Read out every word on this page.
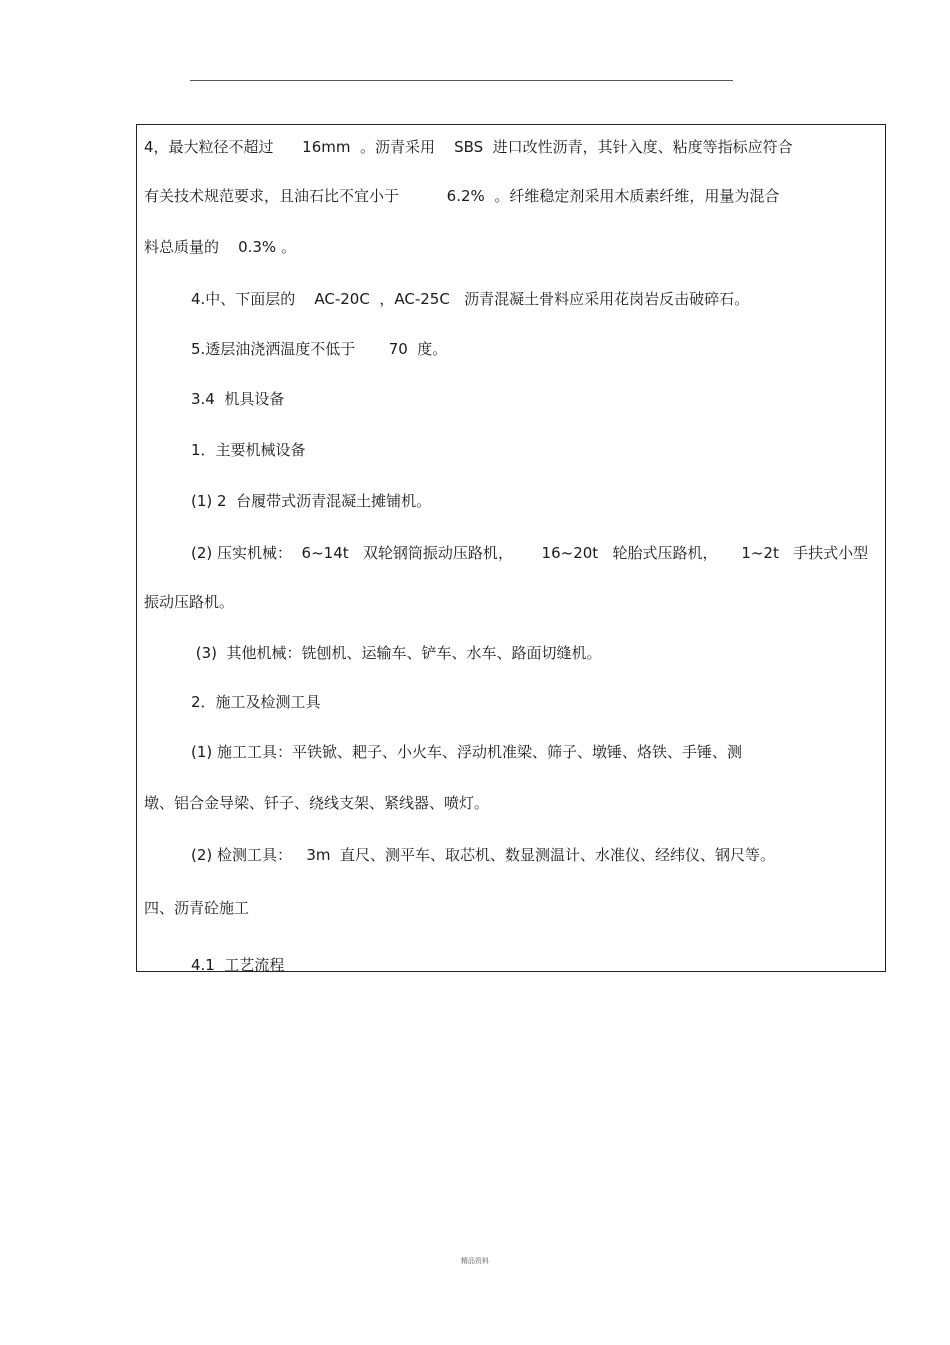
4，最大粒径不超过      16mm  。沥青采用    SBS  进口改性沥青，其针入度、粘度等指标应符合

有关技术规范要求，且油石比不宜小于          6.2%  。纤维稳定剂采用木质素纤维，用量为混合

料总质量的    0.3% 。

4.中、下面层的    AC-20C  ，AC-25C   沥青混凝土骨料应采用花岗岩反击破碎石。

5.透层油浇洒温度不低于       70  度。

3.4  机具设备

1．主要机械设备

(1) 2  台履带式沥青混凝土摊铺机。

(2) 压实机械：  6~14t   双轮钢筒振动压路机，      16~20t   轮胎式压路机，     1~2t   手扶式小型

振动压路机。

(3)  其他机械：铣刨机、运输车、铲车、水车、路面切缝机。

2．施工及检测工具

(1) 施工工具：平铁锨、耙子、小火车、浮动机准梁、筛子、墩锤、烙铁、手锤、测

墩、铝合金导梁、钎子、绕线支架、紧线器、喷灯。

(2) 检测工具：   3m  直尺、测平车、取芯机、数显测温计、水准仪、经纬仪、钢尺等。

四、沥青砼施工

4.1  工艺流程

精品资料
